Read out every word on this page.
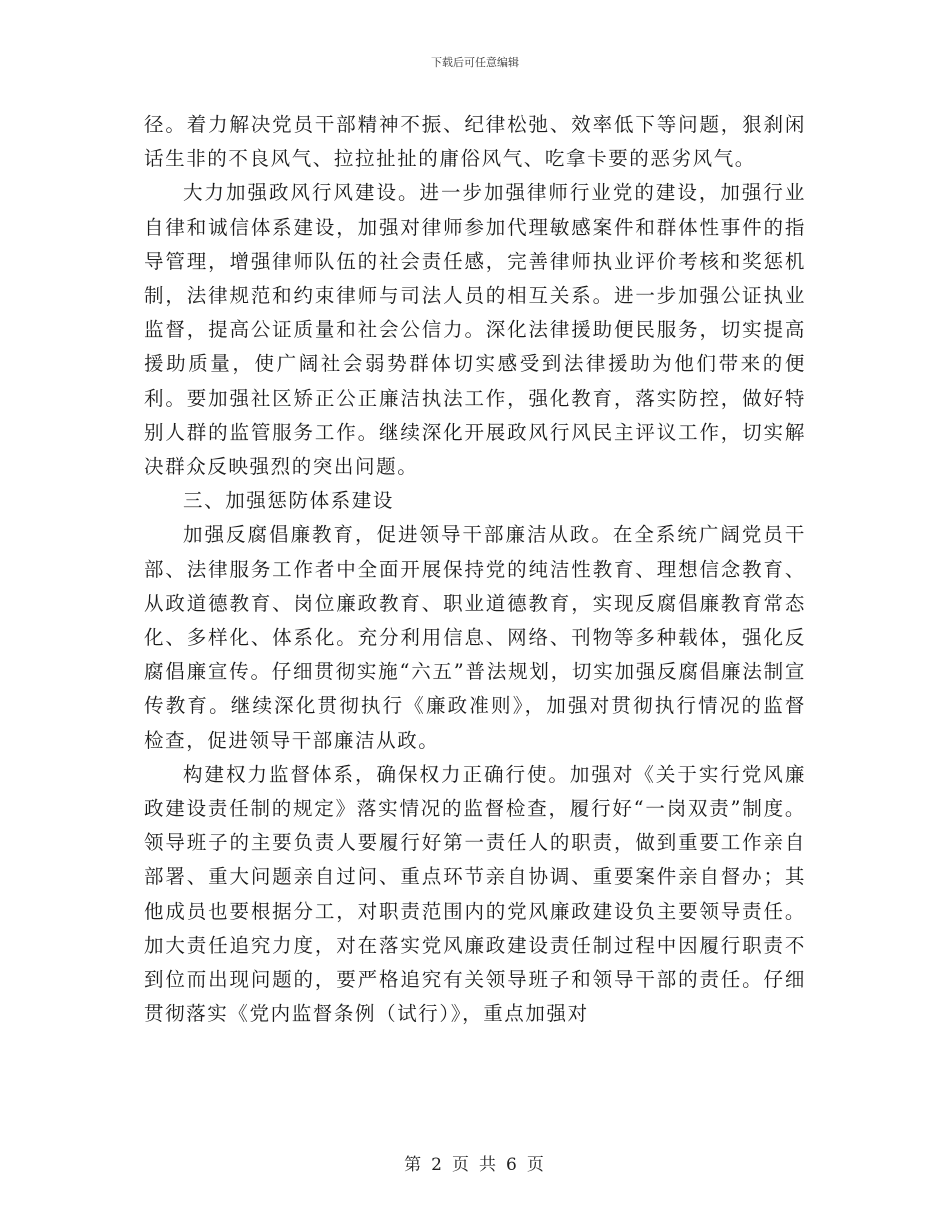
下载后可任意编辑

径。着力解决党员干部精神不振、纪律松弛、效率低下等问题，狠刹闲话生非的不良风气、拉拉扯扯的庸俗风气、吃拿卡要的恶劣风气。

大力加强政风行风建设。进一步加强律师行业党的建设，加强行业自律和诚信体系建设，加强对律师参加代理敏感案件和群体性事件的指导管理，增强律师队伍的社会责任感，完善律师执业评价考核和奖惩机制，法律规范和约束律师与司法人员的相互关系。进一步加强公证执业监督，提高公证质量和社会公信力。深化法律援助便民服务，切实提高援助质量，使广阔社会弱势群体切实感受到法律援助为他们带来的便利。要加强社区矫正公正廉洁执法工作，强化教育，落实防控，做好特别人群的监管服务工作。继续深化开展政风行风民主评议工作，切实解决群众反映强烈的突出问题。

三、加强惩防体系建设

加强反腐倡廉教育，促进领导干部廉洁从政。在全系统广阔党员干部、法律服务工作者中全面开展保持党的纯洁性教育、理想信念教育、从政道德教育、岗位廉政教育、职业道德教育，实现反腐倡廉教育常态化、多样化、体系化。充分利用信息、网络、刊物等多种载体，强化反腐倡廉宣传。仔细贯彻实施“六五”普法规划，切实加强反腐倡廉法制宣传教育。继续深化贯彻执行《廉政准则》，加强对贯彻执行情况的监督检查，促进领导干部廉洁从政。

构建权力监督体系，确保权力正确行使。加强对《关于实行党风廉政建设责任制的规定》落实情况的监督检查，履行好“一岗双责”制度。领导班子的主要负责人要履行好第一责任人的职责，做到重要工作亲自部署、重大问题亲自过问、重点环节亲自协调、重要案件亲自督办；其他成员也要根据分工，对职责范围内的党风廉政建设负主要领导责任。加大责任追究力度，对在落实党风廉政建设责任制过程中因履行职责不到位而出现问题的，要严格追究有关领导班子和领导干部的责任。仔细贯彻落实《党内监督条例（试行）》，重点加强对

第 2 页 共 6 页
